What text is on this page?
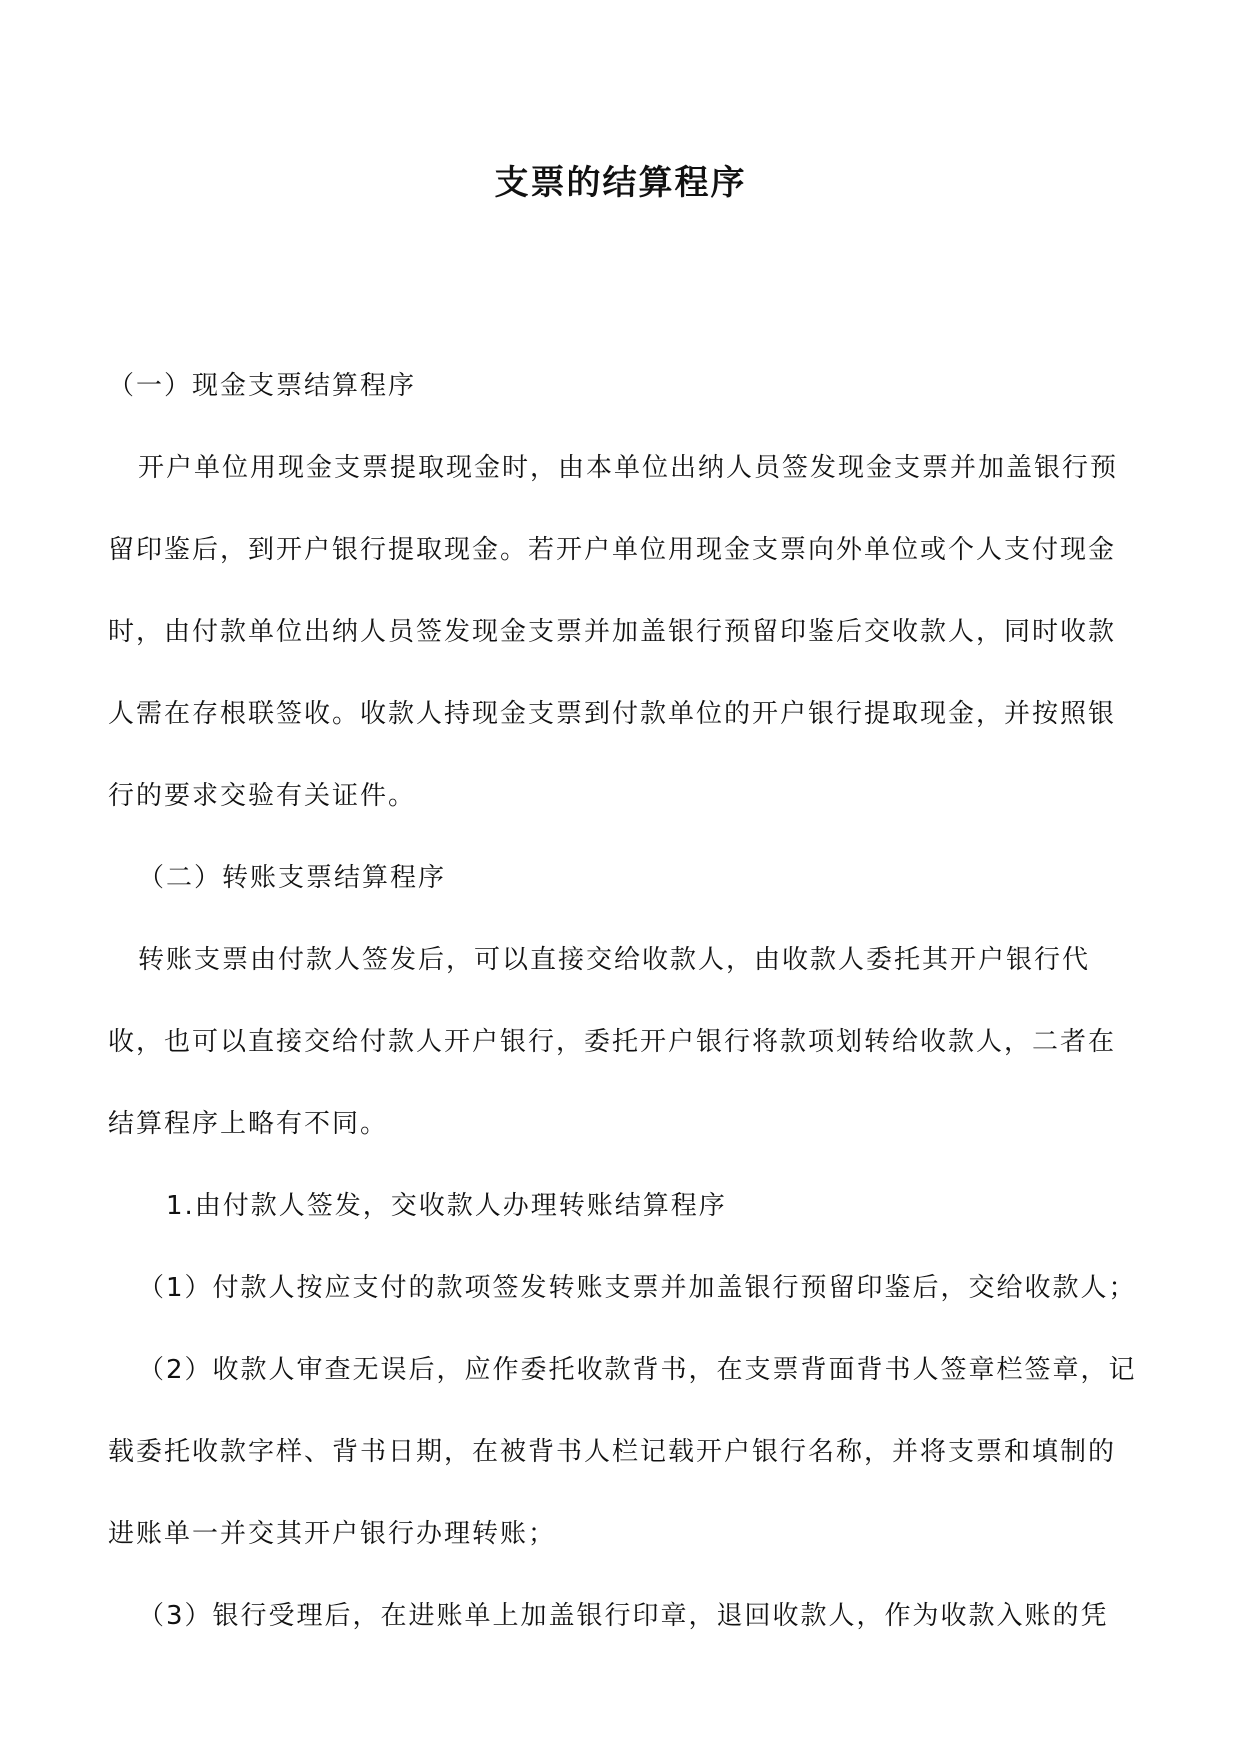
支票的结算程序
（一）现金支票结算程序

开户单位用现金支票提取现金时，由本单位出纳人员签发现金支票并加盖银行预留印鉴后，到开户银行提取现金。若开户单位用现金支票向外单位或个人支付现金时，由付款单位出纳人员签发现金支票并加盖银行预留印鉴后交收款人，同时收款人需在存根联签收。收款人持现金支票到付款单位的开户银行提取现金，并按照银行的要求交验有关证件。

（二）转账支票结算程序

转账支票由付款人签发后，可以直接交给收款人，由收款人委托其开户银行代收，也可以直接交给付款人开户银行，委托开户银行将款项划转给收款人，二者在结算程序上略有不同。

1.由付款人签发，交收款人办理转账结算程序

（1）付款人按应支付的款项签发转账支票并加盖银行预留印鉴后，交给收款人；

（2）收款人审查无误后，应作委托收款背书，在支票背面背书人签章栏签章，记载委托收款字样、背书日期，在被背书人栏记载开户银行名称，并将支票和填制的进账单一并交其开户银行办理转账；

（3）银行受理后，在进账单上加盖银行印章，退回收款人，作为收款入账的凭
